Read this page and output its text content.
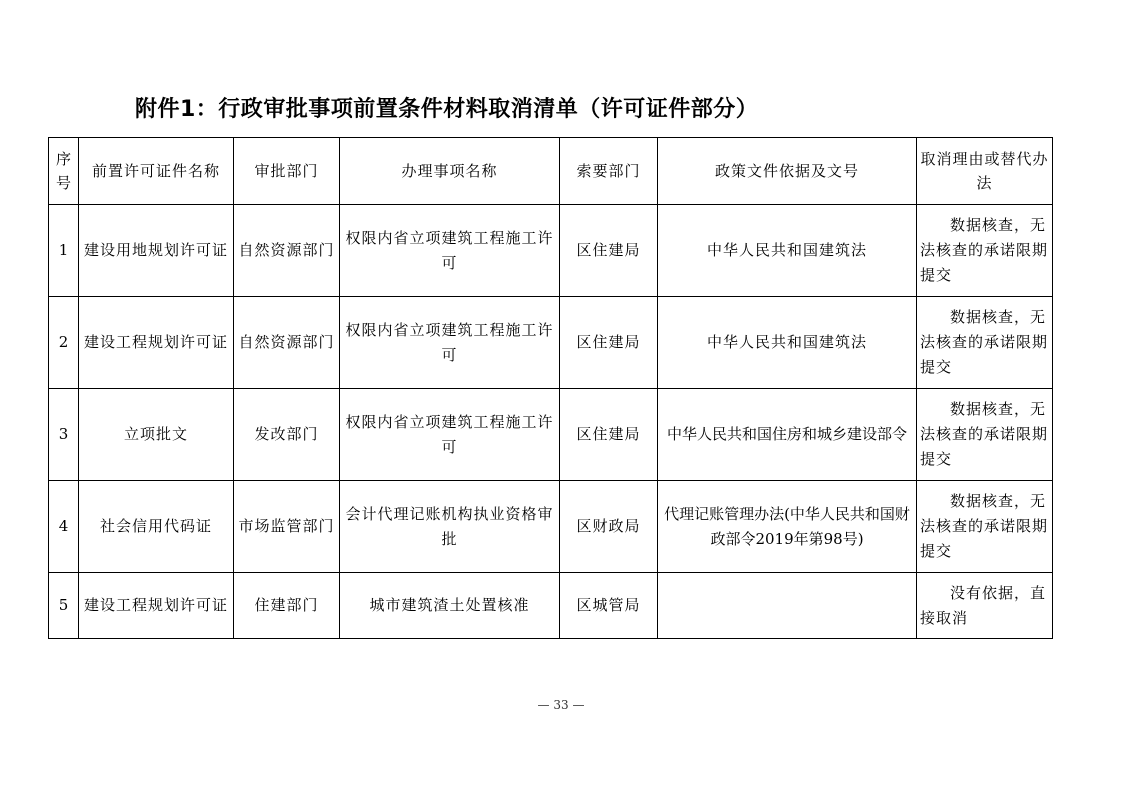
附件1：行政审批事项前置条件材料取消清单（许可证件部分）
序号	前置许可证件名称	审批部门	办理事项名称	索要部门	政策文件依据及文号	取消理由或替代办法
1	建设用地规划许可证	自然资源部门	权限内省立项建筑工程施工许可	区住建局	中华人民共和国建筑法	数据核查，无法核查的承诺限期提交
2	建设工程规划许可证	自然资源部门	权限内省立项建筑工程施工许可	区住建局	中华人民共和国建筑法	数据核查，无法核查的承诺限期提交
3	立项批文	发改部门	权限内省立项建筑工程施工许可	区住建局	中华人民共和国住房和城乡建设部令	数据核查，无法核查的承诺限期提交
4	社会信用代码证	市场监管部门	会计代理记账机构执业资格审批	区财政局	代理记账管理办法(中华人民共和国财政部令2019年第98号)	数据核查，无法核查的承诺限期提交
5	建设工程规划许可证	住建部门	城市建筑渣土处置核准	区城管局		没有依据，直接取消
— 33 —
